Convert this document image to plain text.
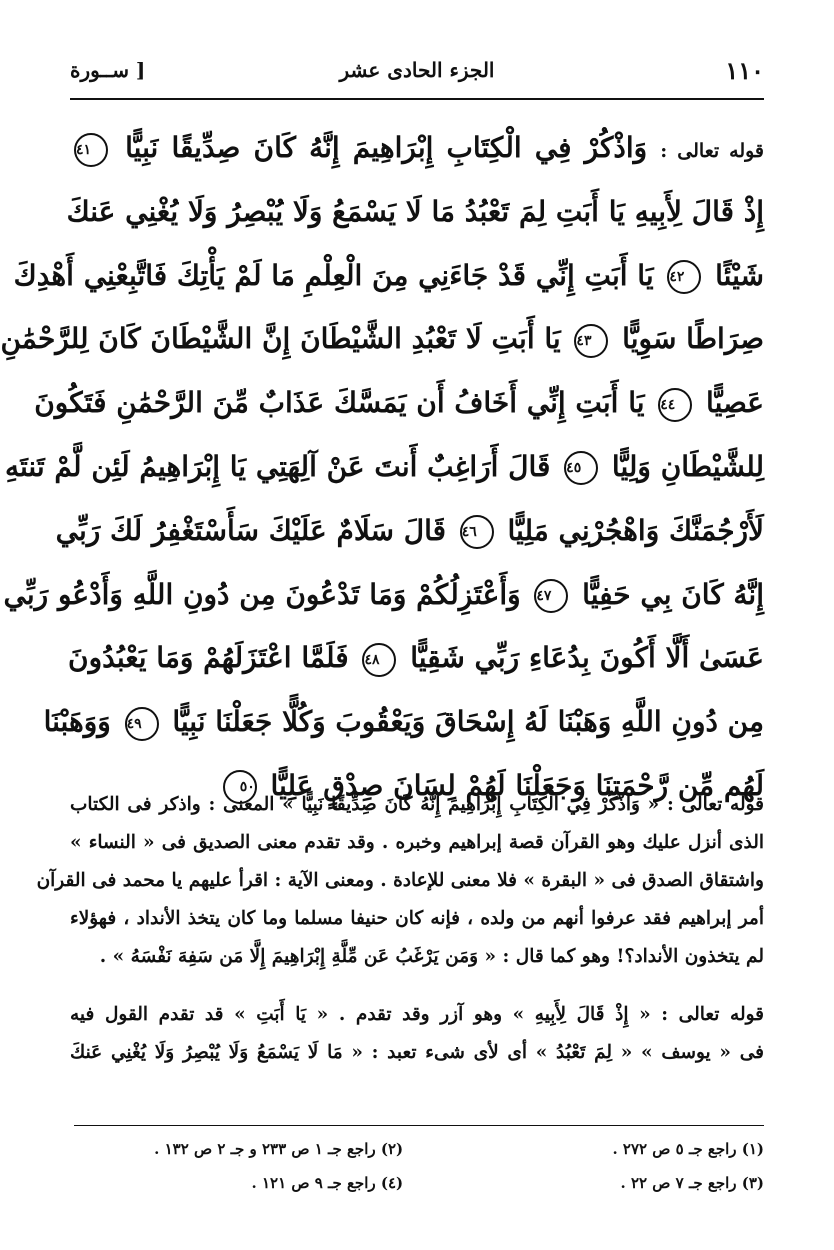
١١٠
الجزء الحادى عشر
[ ســورة
قوله تعالى : وَاذْكُرْ فِي الْكِتَابِ إِبْرَاهِيمَ إِنَّهُ كَانَ صِدِّيقًا نَبِيًّا ٤١
إِذْ قَالَ لِأَبِيهِ يَا أَبَتِ لِمَ تَعْبُدُ مَا لَا يَسْمَعُ وَلَا يُبْصِرُ وَلَا يُغْنِي عَنكَ
شَيْئًا ٤٢ يَا أَبَتِ إِنِّي قَدْ جَاءَنِي مِنَ الْعِلْمِ مَا لَمْ يَأْتِكَ فَاتَّبِعْنِي أَهْدِكَ
صِرَاطًا سَوِيًّا ٤٣ يَا أَبَتِ لَا تَعْبُدِ الشَّيْطَانَ إِنَّ الشَّيْطَانَ كَانَ لِلرَّحْمَٰنِ
عَصِيًّا ٤٤ يَا أَبَتِ إِنِّي أَخَافُ أَن يَمَسَّكَ عَذَابٌ مِّنَ الرَّحْمَٰنِ فَتَكُونَ
لِلشَّيْطَانِ وَلِيًّا ٤٥ قَالَ أَرَاغِبٌ أَنتَ عَنْ آلِهَتِي يَا إِبْرَاهِيمُ لَئِن لَّمْ تَنتَهِ
لَأَرْجُمَنَّكَ وَاهْجُرْنِي مَلِيًّا ٤٦ قَالَ سَلَامٌ عَلَيْكَ سَأَسْتَغْفِرُ لَكَ رَبِّي
إِنَّهُ كَانَ بِي حَفِيًّا ٤٧ وَأَعْتَزِلُكُمْ وَمَا تَدْعُونَ مِن دُونِ اللَّهِ وَأَدْعُو رَبِّي
عَسَىٰ أَلَّا أَكُونَ بِدُعَاءِ رَبِّي شَقِيًّا ٤٨ فَلَمَّا اعْتَزَلَهُمْ وَمَا يَعْبُدُونَ
مِن دُونِ اللَّهِ وَهَبْنَا لَهُ إِسْحَاقَ وَيَعْقُوبَ وَكُلًّا جَعَلْنَا نَبِيًّا ٤٩ وَوَهَبْنَا
لَهُم مِّن رَّحْمَتِنَا وَجَعَلْنَا لَهُمْ لِسَانَ صِدْقٍ عَلِيًّا ٥٠
قوله تعالى : « وَاذْكُرْ فِي الْكِتَابِ إِبْرَاهِيمَ إِنَّهُ كَانَ صِدِّيقًا نَبِيًّا » المعنى : واذكر فى الكتاب
الذى أنزل عليك وهو القرآن قصة إبراهيم وخبره . وقد تقدم معنى الصديق فى « النساء »
واشتقاق الصدق فى « البقرة » فلا معنى للإعادة . ومعنى الآية : اقرأ عليهم يا محمد فى القرآن
أمر إبراهيم فقد عرفوا أنهم من ولده ، فإنه كان حنيفا مسلما وما كان يتخذ الأنداد ، فهؤلاء
لم يتخذون الأنداد؟! وهو كما قال : « وَمَن يَرْغَبُ عَن مِّلَّةِ إِبْرَاهِيمَ إِلَّا مَن سَفِهَ نَفْسَهُ » .
قوله تعالى : « إِذْ قَالَ لِأَبِيهِ » وهو آزر وقد تقدم . « يَا أَبَتِ » قد تقدم القول فيه
فى « يوسف » « لِمَ تَعْبُدُ » أى لأى شىء تعبد : « مَا لَا يَسْمَعُ وَلَا يُبْصِرُ وَلَا يُغْنِي عَنكَ
(١) راجع جـ ٥ ص ٢٧٢ .
(٢) راجع جـ ١ ص ٢٣٣ و جـ ٢ ص ١٣٢ .
(٣) راجع جـ ٧ ص ٢٢ .
(٤) راجع جـ ٩ ص ١٢١ .
